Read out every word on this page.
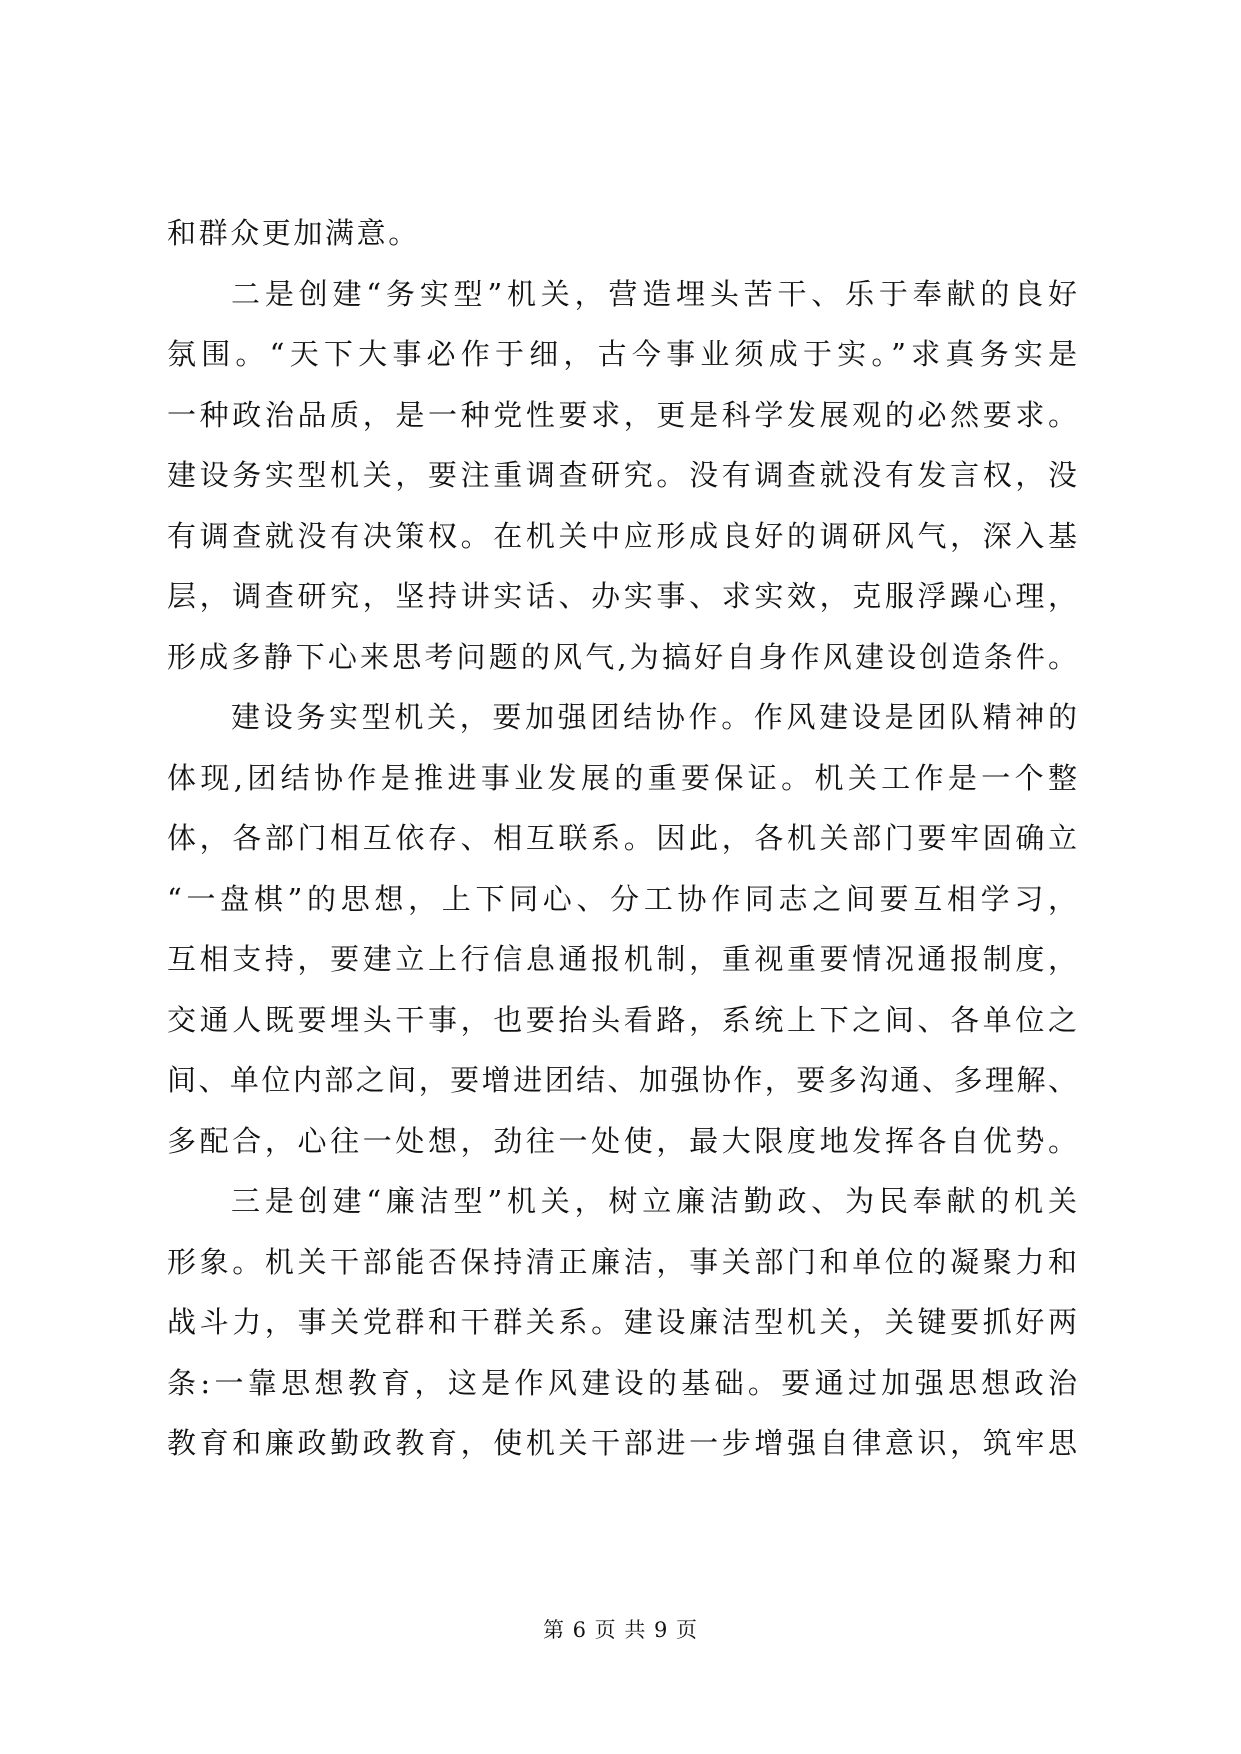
和群众更加满意。
二是创建“务实型”机关，营造埋头苦干、乐于奉献的良好
氛围。“天下大事必作于细，古今事业须成于实。”求真务实是
一种政治品质，是一种党性要求，更是科学发展观的必然要求。
建设务实型机关，要注重调查研究。没有调查就没有发言权，没
有调查就没有决策权。在机关中应形成良好的调研风气，深入基
层，调查研究，坚持讲实话、办实事、求实效，克服浮躁心理，
形成多静下心来思考问题的风气,为搞好自身作风建设创造条件。
建设务实型机关，要加强团结协作。作风建设是团队精神的
体现,团结协作是推进事业发展的重要保证。机关工作是一个整
体，各部门相互依存、相互联系。因此，各机关部门要牢固确立
“一盘棋”的思想，上下同心、分工协作同志之间要互相学习，
互相支持，要建立上行信息通报机制，重视重要情况通报制度，
交通人既要埋头干事，也要抬头看路，系统上下之间、各单位之
间、单位内部之间，要增进团结、加强协作，要多沟通、多理解、
多配合，心往一处想，劲往一处使，最大限度地发挥各自优势。
三是创建“廉洁型”机关，树立廉洁勤政、为民奉献的机关
形象。机关干部能否保持清正廉洁，事关部门和单位的凝聚力和
战斗力，事关党群和干群关系。建设廉洁型机关，关键要抓好两
条:一靠思想教育，这是作风建设的基础。要通过加强思想政治
教育和廉政勤政教育，使机关干部进一步增强自律意识，筑牢思
第 6 页 共 9 页
